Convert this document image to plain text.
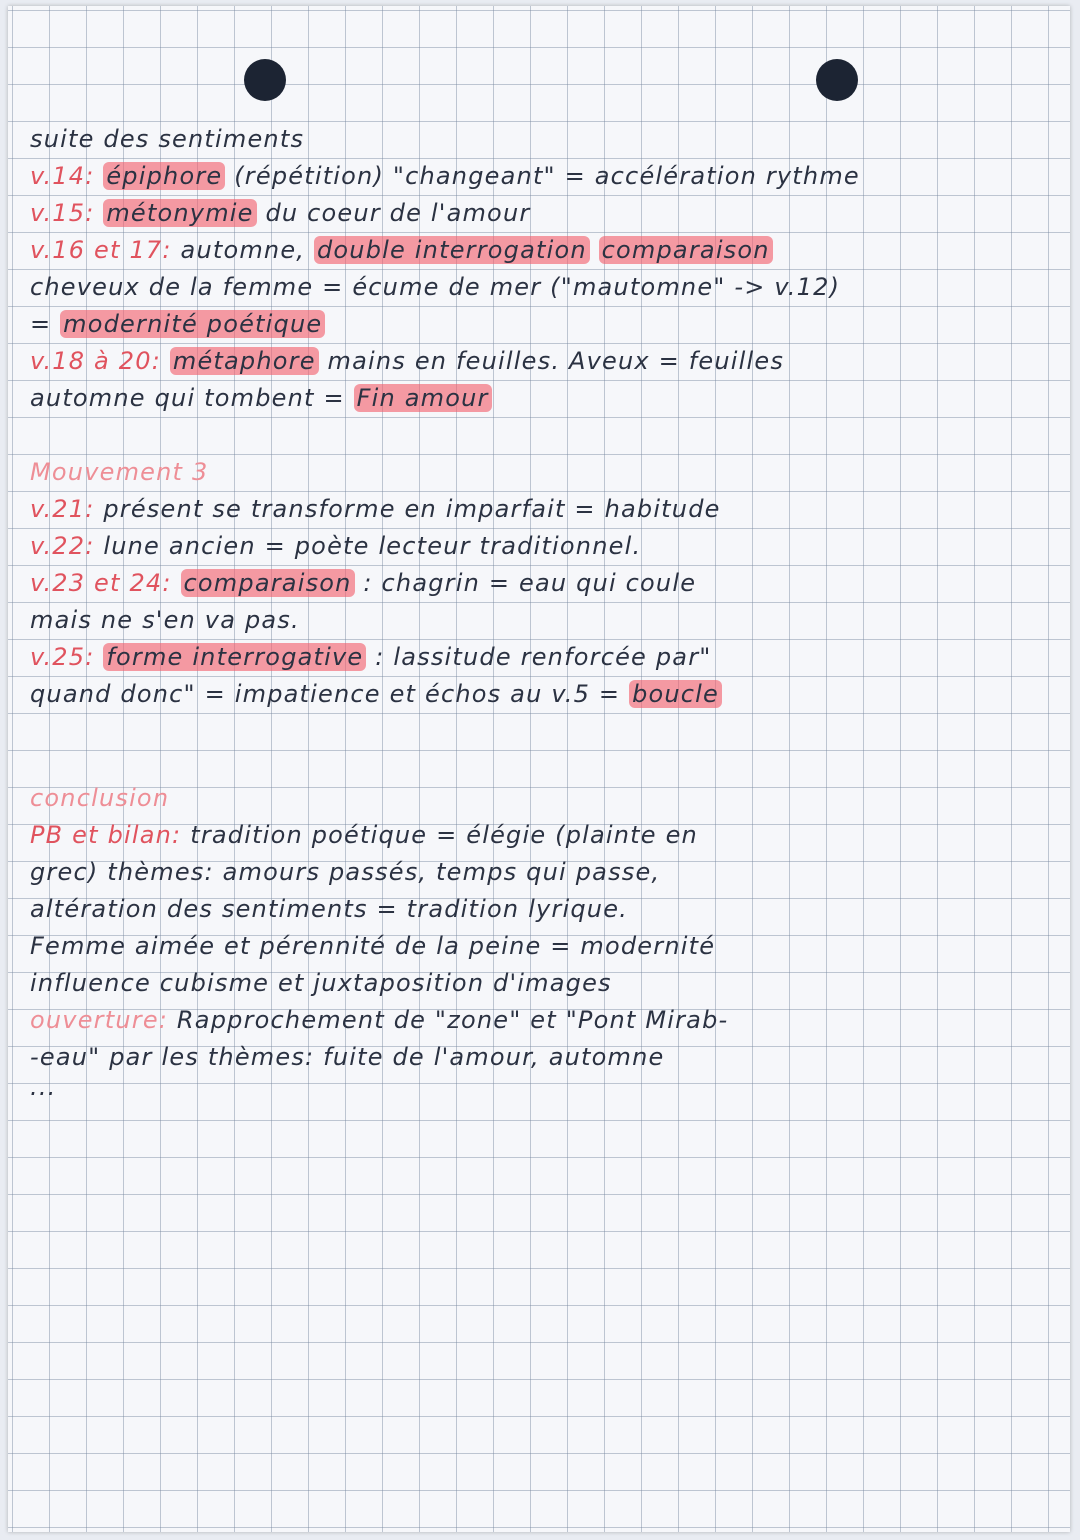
suite des sentiments
v.14: épiphore (répétition) "changeant" = accélération rythme
v.15: métonymie du coeur de l'amour
v.16 et 17: automne, double interrogation comparaison
cheveux de la femme = écume de mer ("mautomne" -> v.12)
= modernité poétique
v.18 à 20: métaphore mains en feuilles. Aveux = feuilles
automne qui tombent = Fin amour
Mouvement 3
v.21: présent se transforme en imparfait = habitude
v.22: lune ancien = poète lecteur traditionnel.
v.23 et 24: comparaison : chagrin = eau qui coule
mais ne s'en va pas.
v.25: forme interrogative : lassitude renforcée par"
quand donc" = impatience et échos au v.5 = boucle
conclusion
PB et bilan: tradition poétique = élégie (plainte en
grec) thèmes: amours passés, temps qui passe,
altération des sentiments = tradition lyrique.
Femme aimée et pérennité de la peine = modernité
influence cubisme et juxtaposition d'images
ouverture: Rapprochement de "zone" et "Pont Mirab-
-eau" par les thèmes: fuite de l'amour, automne
...
